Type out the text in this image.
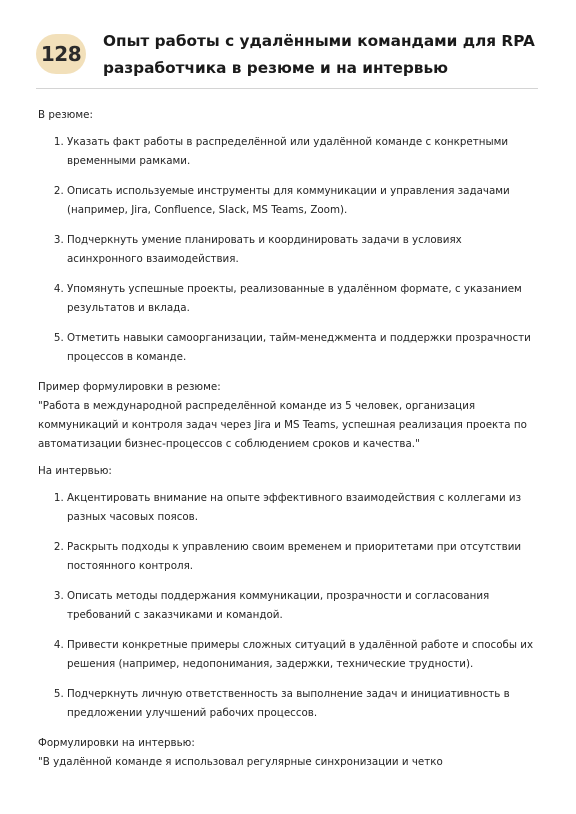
128
Опыт работы с удалёнными командами для RPA разработчика в резюме и на интервью

В резюме:

1. Указать факт работы в распределённой или удалённой команде с конкретными временными рамками.
2. Описать используемые инструменты для коммуникации и управления задачами (например, Jira, Confluence, Slack, MS Teams, Zoom).
3. Подчеркнуть умение планировать и координировать задачи в условиях асинхронного взаимодействия.
4. Упомянуть успешные проекты, реализованные в удалённом формате, с указанием результатов и вклада.
5. Отметить навыки самоорганизации, тайм-менеджмента и поддержки прозрачности процессов в команде.

Пример формулировки в резюме:
"Работа в международной распределённой команде из 5 человек, организация коммуникаций и контроля задач через Jira и MS Teams, успешная реализация проекта по автоматизации бизнес-процессов с соблюдением сроков и качества."

На интервью:

1. Акцентировать внимание на опыте эффективного взаимодействия с коллегами из разных часовых поясов.
2. Раскрыть подходы к управлению своим временем и приоритетами при отсутствии постоянного контроля.
3. Описать методы поддержания коммуникации, прозрачности и согласования требований с заказчиками и командой.
4. Привести конкретные примеры сложных ситуаций в удалённой работе и способы их решения (например, недопонимания, задержки, технические трудности).
5. Подчеркнуть личную ответственность за выполнение задач и инициативность в предложении улучшений рабочих процессов.

Формулировки на интервью:
"В удалённой команде я использовал регулярные синхронизации и четко
